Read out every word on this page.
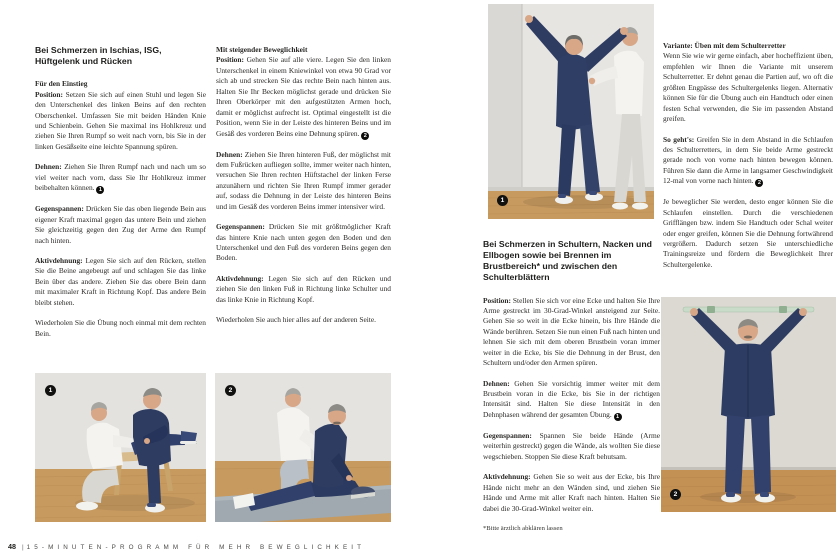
Bei Schmerzen in Ischias, ISG, Hüftgelenk und Rücken
Für den Einstieg

Position: Setzen Sie sich auf einen Stuhl und legen Sie den Unterschenkel des linken Beins auf den rechten Oberschenkel. Umfassen Sie mit beiden Händen Knie und Schienbein. Gehen Sie maximal ins Hohlkreuz und ziehen Sie Ihren Rumpf so weit nach vorn, bis Sie in der linken Gesäßseite eine leichte Spannung spüren.

Dehnen: Ziehen Sie Ihren Rumpf nach und nach um so viel weiter nach vorn, dass Sie Ihr Hohlkreuz immer beibehalten können. 1

Gegenspannen: Drücken Sie das oben liegende Bein aus eigener Kraft maximal gegen das untere Bein und ziehen Sie gleichzeitig gegen den Zug der Arme den Rumpf nach hinten.

Aktivdehnung: Legen Sie sich auf den Rücken, stellen Sie die Beine angebeugt auf und schlagen Sie das linke Bein über das andere. Ziehen Sie das obere Bein dann mit maximaler Kraft in Richtung Kopf. Das andere Bein bleibt stehen.

Wiederholen Sie die Übung noch einmal mit dem rechten Bein.

Mit steigender Beweglichkeit

Position: Gehen Sie auf alle viere. Legen Sie den linken Unterschenkel in einem Kniewinkel von etwa 90 Grad vor sich ab und strecken Sie das rechte Bein nach hinten aus. Halten Sie Ihr Becken möglichst gerade und drücken Sie Ihren Oberkörper mit den aufgestützten Armen hoch, damit er möglichst aufrecht ist. Optimal eingestellt ist die Position, wenn Sie in der Leiste des hinteren Beins und im Gesäß des vorderen Beins eine Dehnung spüren. 2

Dehnen: Ziehen Sie Ihren hinteren Fuß, der möglichst mit dem Fußrücken aufliegen sollte, immer weiter nach hinten, versuchen Sie Ihren rechten Hüftstachel der linken Ferse anzunähern und richten Sie Ihren Rumpf immer gerader auf, sodass die Dehnung in der Leiste des hinteren Beins und im Gesäß des vorderen Beins immer intensiver wird.

Gegenspannen: Drücken Sie mit größtmöglicher Kraft das hintere Knie nach unten gegen den Boden und den Unterschenkel und den Fuß des vorderen Beins gegen den Boden.

Aktivdehnung: Legen Sie sich auf den Rücken und ziehen Sie den linken Fuß in Richtung linke Schulter und das linke Knie in Richtung Kopf.

Wiederholen Sie auch hier alles auf der anderen Seite.

1	2
1
Bei Schmerzen in Schultern, Nacken und Ellbogen sowie bei Brennen im Brustbereich* und zwischen den Schulterblättern

Position: Stellen Sie sich vor eine Ecke und halten Sie Ihre Arme gestreckt im 30-Grad-Winkel ansteigend zur Seite. Gehen Sie so weit in die Ecke hinein, bis Ihre Hände die Wände berühren. Setzen Sie nun einen Fuß nach hinten und lehnen Sie sich mit dem oberen Brustbein voran immer weiter in die Ecke, bis Sie die Dehnung in der Brust, den Schultern und/oder den Armen spüren.

Dehnen: Gehen Sie vorsichtig immer weiter mit dem Brustbein voran in die Ecke, bis Sie in der richtigen Intensität sind. Halten Sie diese Intensität in den Dehnphasen während der gesamten Übung. 1

Gegenspannen: Spannen Sie beide Hände (Arme weiterhin gestreckt) gegen die Wände, als wollten Sie diese wegschieben. Stoppen Sie diese Kraft behutsam.

Aktivdehnung: Gehen Sie so weit aus der Ecke, bis Ihre Hände nicht mehr an den Wänden sind, und ziehen Sie Hände und Arme mit aller Kraft nach hinten. Halten Sie dabei die 30-Grad-Winkel weiter ein.

*Bitte ärztlich abklären lassen
Variante: Üben mit dem Schulterretter

Wenn Sie wie wir gerne einfach, aber hocheffizient üben, empfehlen wir Ihnen die Variante mit unserem Schulterretter. Er dehnt genau die Partien auf, wo oft die größten Engpässe des Schultergelenks liegen. Alternativ können Sie für die Übung auch ein Handtuch oder einen festen Schal verwenden, die Sie im passenden Abstand greifen.

So geht's: Greifen Sie in dem Abstand in die Schlaufen des Schulterretters, in dem Sie beide Arme gestreckt gerade noch von vorne nach hinten bewegen können. Führen Sie dann die Arme in langsamer Geschwindigkeit 12-mal von vorne nach hinten. 2

Je beweglicher Sie werden, desto enger können Sie die Schlaufen einstellen. Durch die verschiedenen Grifflängen bzw. indem Sie Handtuch oder Schal weiter oder enger greifen, können Sie die Dehnung fortwährend vergrößern. Dadurch setzen Sie unterschiedliche Trainingsreize und fördern die Beweglichkeit Ihrer Schultergelenke.

2
48 | 15-MINUTEN-PROGRAMM FÜR MEHR BEWEGLICHKEIT
